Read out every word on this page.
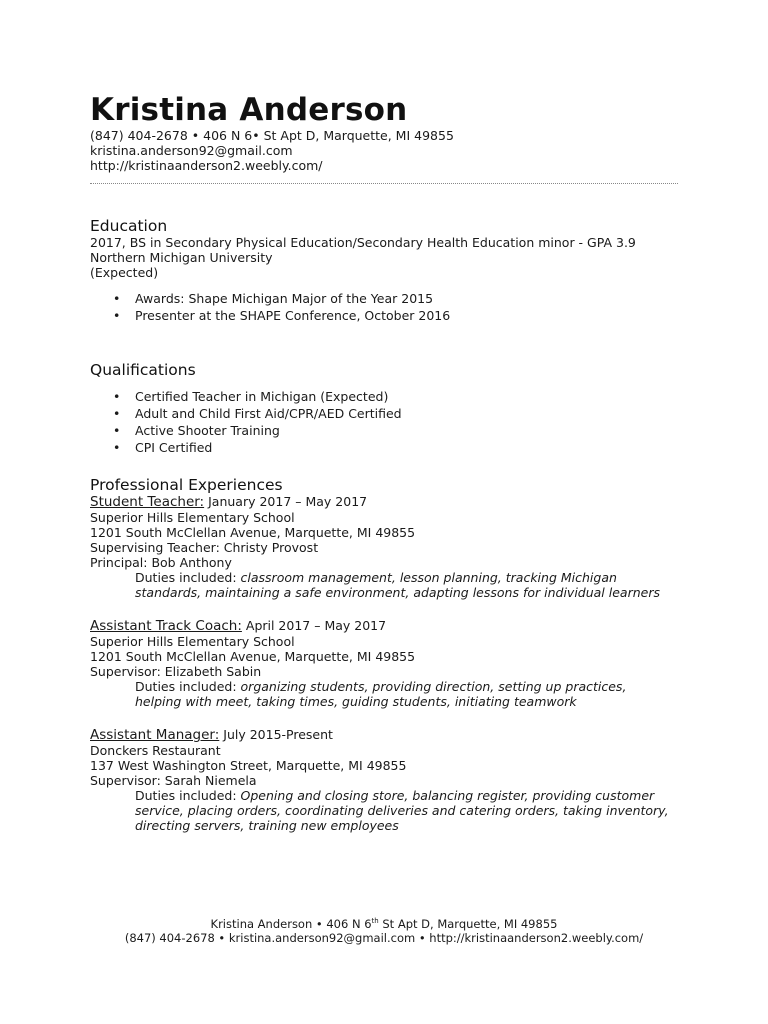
Kristina Anderson
(847) 404-2678 • 406 N 6• St Apt D, Marquette, MI 49855
kristina.anderson92@gmail.com
http://kristinaanderson2.weebly.com/
Education
2017, BS in Secondary Physical Education/Secondary Health Education minor - GPA 3.9
Northern Michigan University
(Expected)
• Awards: Shape Michigan Major of the Year 2015
• Presenter at the SHAPE Conference, October 2016
Qualifications
• Certified Teacher in Michigan (Expected)
• Adult and Child First Aid/CPR/AED Certified
• Active Shooter Training
• CPI Certified
Professional Experiences
Student Teacher: January 2017 – May 2017
Superior Hills Elementary School
1201 South McClellan Avenue, Marquette, MI 49855
Supervising Teacher: Christy Provost
Principal: Bob Anthony
Duties included: classroom management, lesson planning, tracking Michigan
standards, maintaining a safe environment, adapting lessons for individual learners
Assistant Track Coach: April 2017 – May 2017
Superior Hills Elementary School
1201 South McClellan Avenue, Marquette, MI 49855
Supervisor: Elizabeth Sabin
Duties included: organizing students, providing direction, setting up practices,
helping with meet, taking times, guiding students, initiating teamwork
Assistant Manager: July 2015-Present
Donckers Restaurant
137 West Washington Street, Marquette, MI 49855
Supervisor: Sarah Niemela
Duties included: Opening and closing store, balancing register, providing customer
service, placing orders, coordinating deliveries and catering orders, taking inventory,
directing servers, training new employees
Kristina Anderson • 406 N 6th St Apt D, Marquette, MI 49855
(847) 404-2678 • kristina.anderson92@gmail.com • http://kristinaanderson2.weebly.com/
